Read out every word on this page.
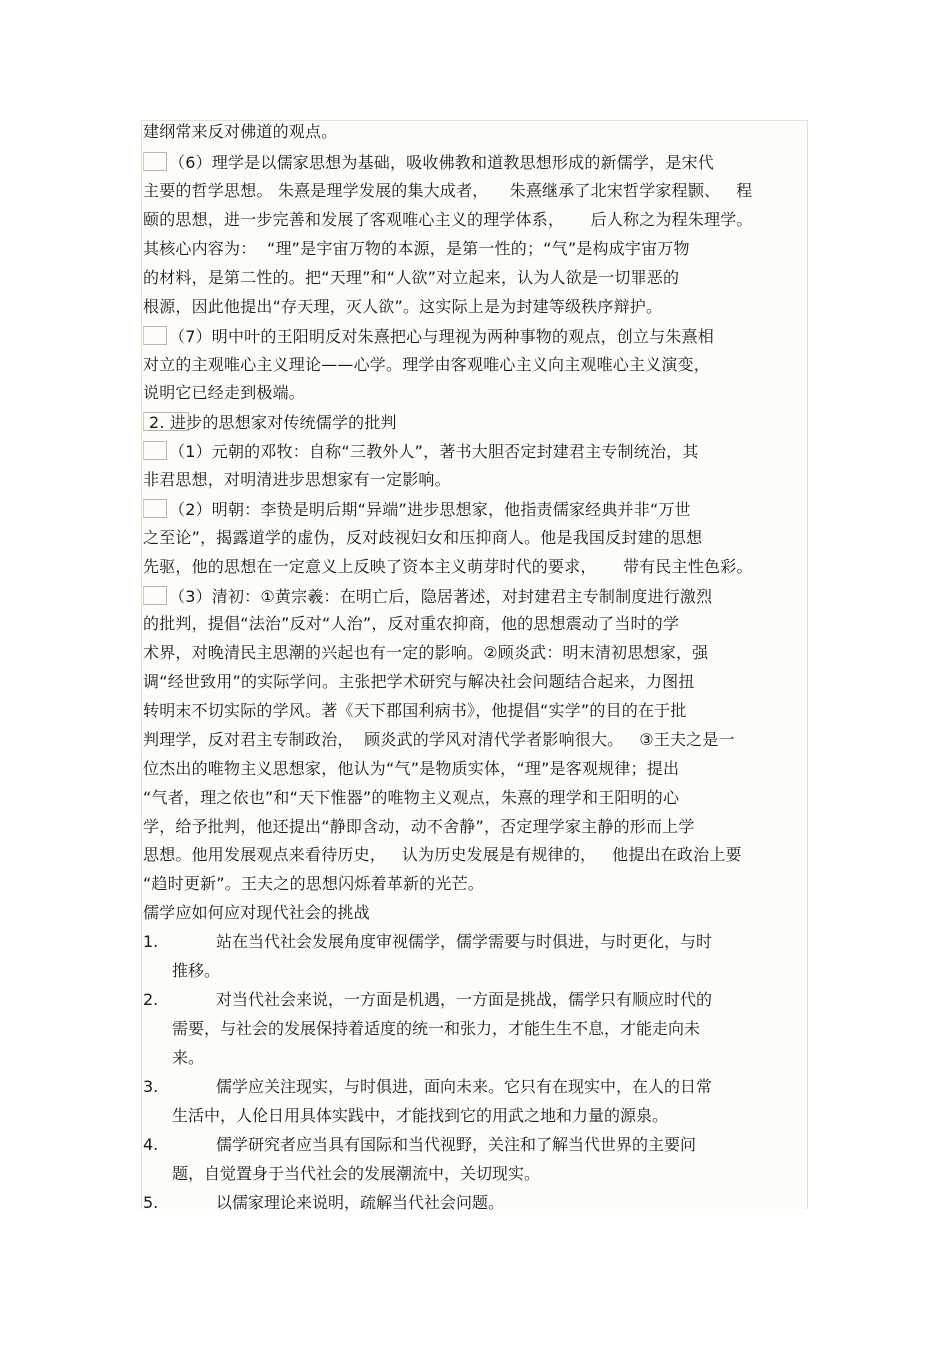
建纲常来反对佛道的观点。
（6）理学是以儒家思想为基础，吸收佛教和道教思想形成的新儒学，是宋代
主要的哲学思想。 朱熹是理学发展的集大成者，    朱熹继承了北宋哲学家程颢、   程
颐的思想，进一步完善和发展了客观唯心主义的理学体系，     后人称之为程朱理学。
其核心内容为：  “理”是宇宙万物的本源，是第一性的；“气”是构成宇宙万物
的材料，是第二性的。把“天理”和“人欲”对立起来，认为人欲是一切罪恶的
根源，因此他提出“存天理，灭人欲”。这实际上是为封建等级秩序辩护。
（7）明中叶的王阳明反对朱熹把心与理视为两种事物的观点，创立与朱熹相
对立的主观唯心主义理论——心学。理学由客观唯心主义向主观唯心主义演变，
说明它已经走到极端。
2. 进步的思想家对传统儒学的批判
（1）元朝的邓牧：自称“三教外人”，著书大胆否定封建君主专制统治，其
非君思想，对明清进步思想家有一定影响。
（2）明朝：李贽是明后期“异端”进步思想家，他指责儒家经典并非“万世
之至论”，揭露道学的虚伪，反对歧视妇女和压抑商人。他是我国反封建的思想
先驱，他的思想在一定意义上反映了资本主义萌芽时代的要求，     带有民主性色彩。
（3）清初：①黄宗羲：在明亡后，隐居著述，对封建君主专制制度进行激烈
的批判，提倡“法治”反对“人治”，反对重农抑商，他的思想震动了当时的学
术界，对晚清民主思潮的兴起也有一定的影响。②顾炎武：明末清初思想家，强
调“经世致用”的实际学问。主张把学术研究与解决社会问题结合起来，力图扭
转明末不切实际的学风。著《天下郡国利病书》，他提倡“实学”的目的在于批
判理学，反对君主专制政治，  顾炎武的学风对清代学者影响很大。   ③王夫之是一
位杰出的唯物主义思想家，他认为“气”是物质实体，“理”是客观规律；提出
“气者，理之依也”和“天下惟器”的唯物主义观点，朱熹的理学和王阳明的心
学，给予批判，他还提出“静即含动，动不舍静”，否定理学家主静的形而上学
思想。他用发展观点来看待历史，   认为历史发展是有规律的，   他提出在政治上要
“趋时更新”。王夫之的思想闪烁着革新的光芒。
儒学应如何应对现代社会的挑战
1.	站在当代社会发展角度审视儒学，儒学需要与时俱进，与时更化，与时
推移。
2.	对当代社会来说，一方面是机遇，一方面是挑战，儒学只有顺应时代的
需要，与社会的发展保持着适度的统一和张力，才能生生不息，才能走向未
来。
3.	儒学应关注现实，与时俱进，面向未来。它只有在现实中，在人的日常
生活中，人伦日用具体实践中，才能找到它的用武之地和力量的源泉。
4.	儒学研究者应当具有国际和当代视野，关注和了解当代世界的主要问
题，自觉置身于当代社会的发展潮流中，关切现实。
5.	以儒家理论来说明，疏解当代社会问题。
